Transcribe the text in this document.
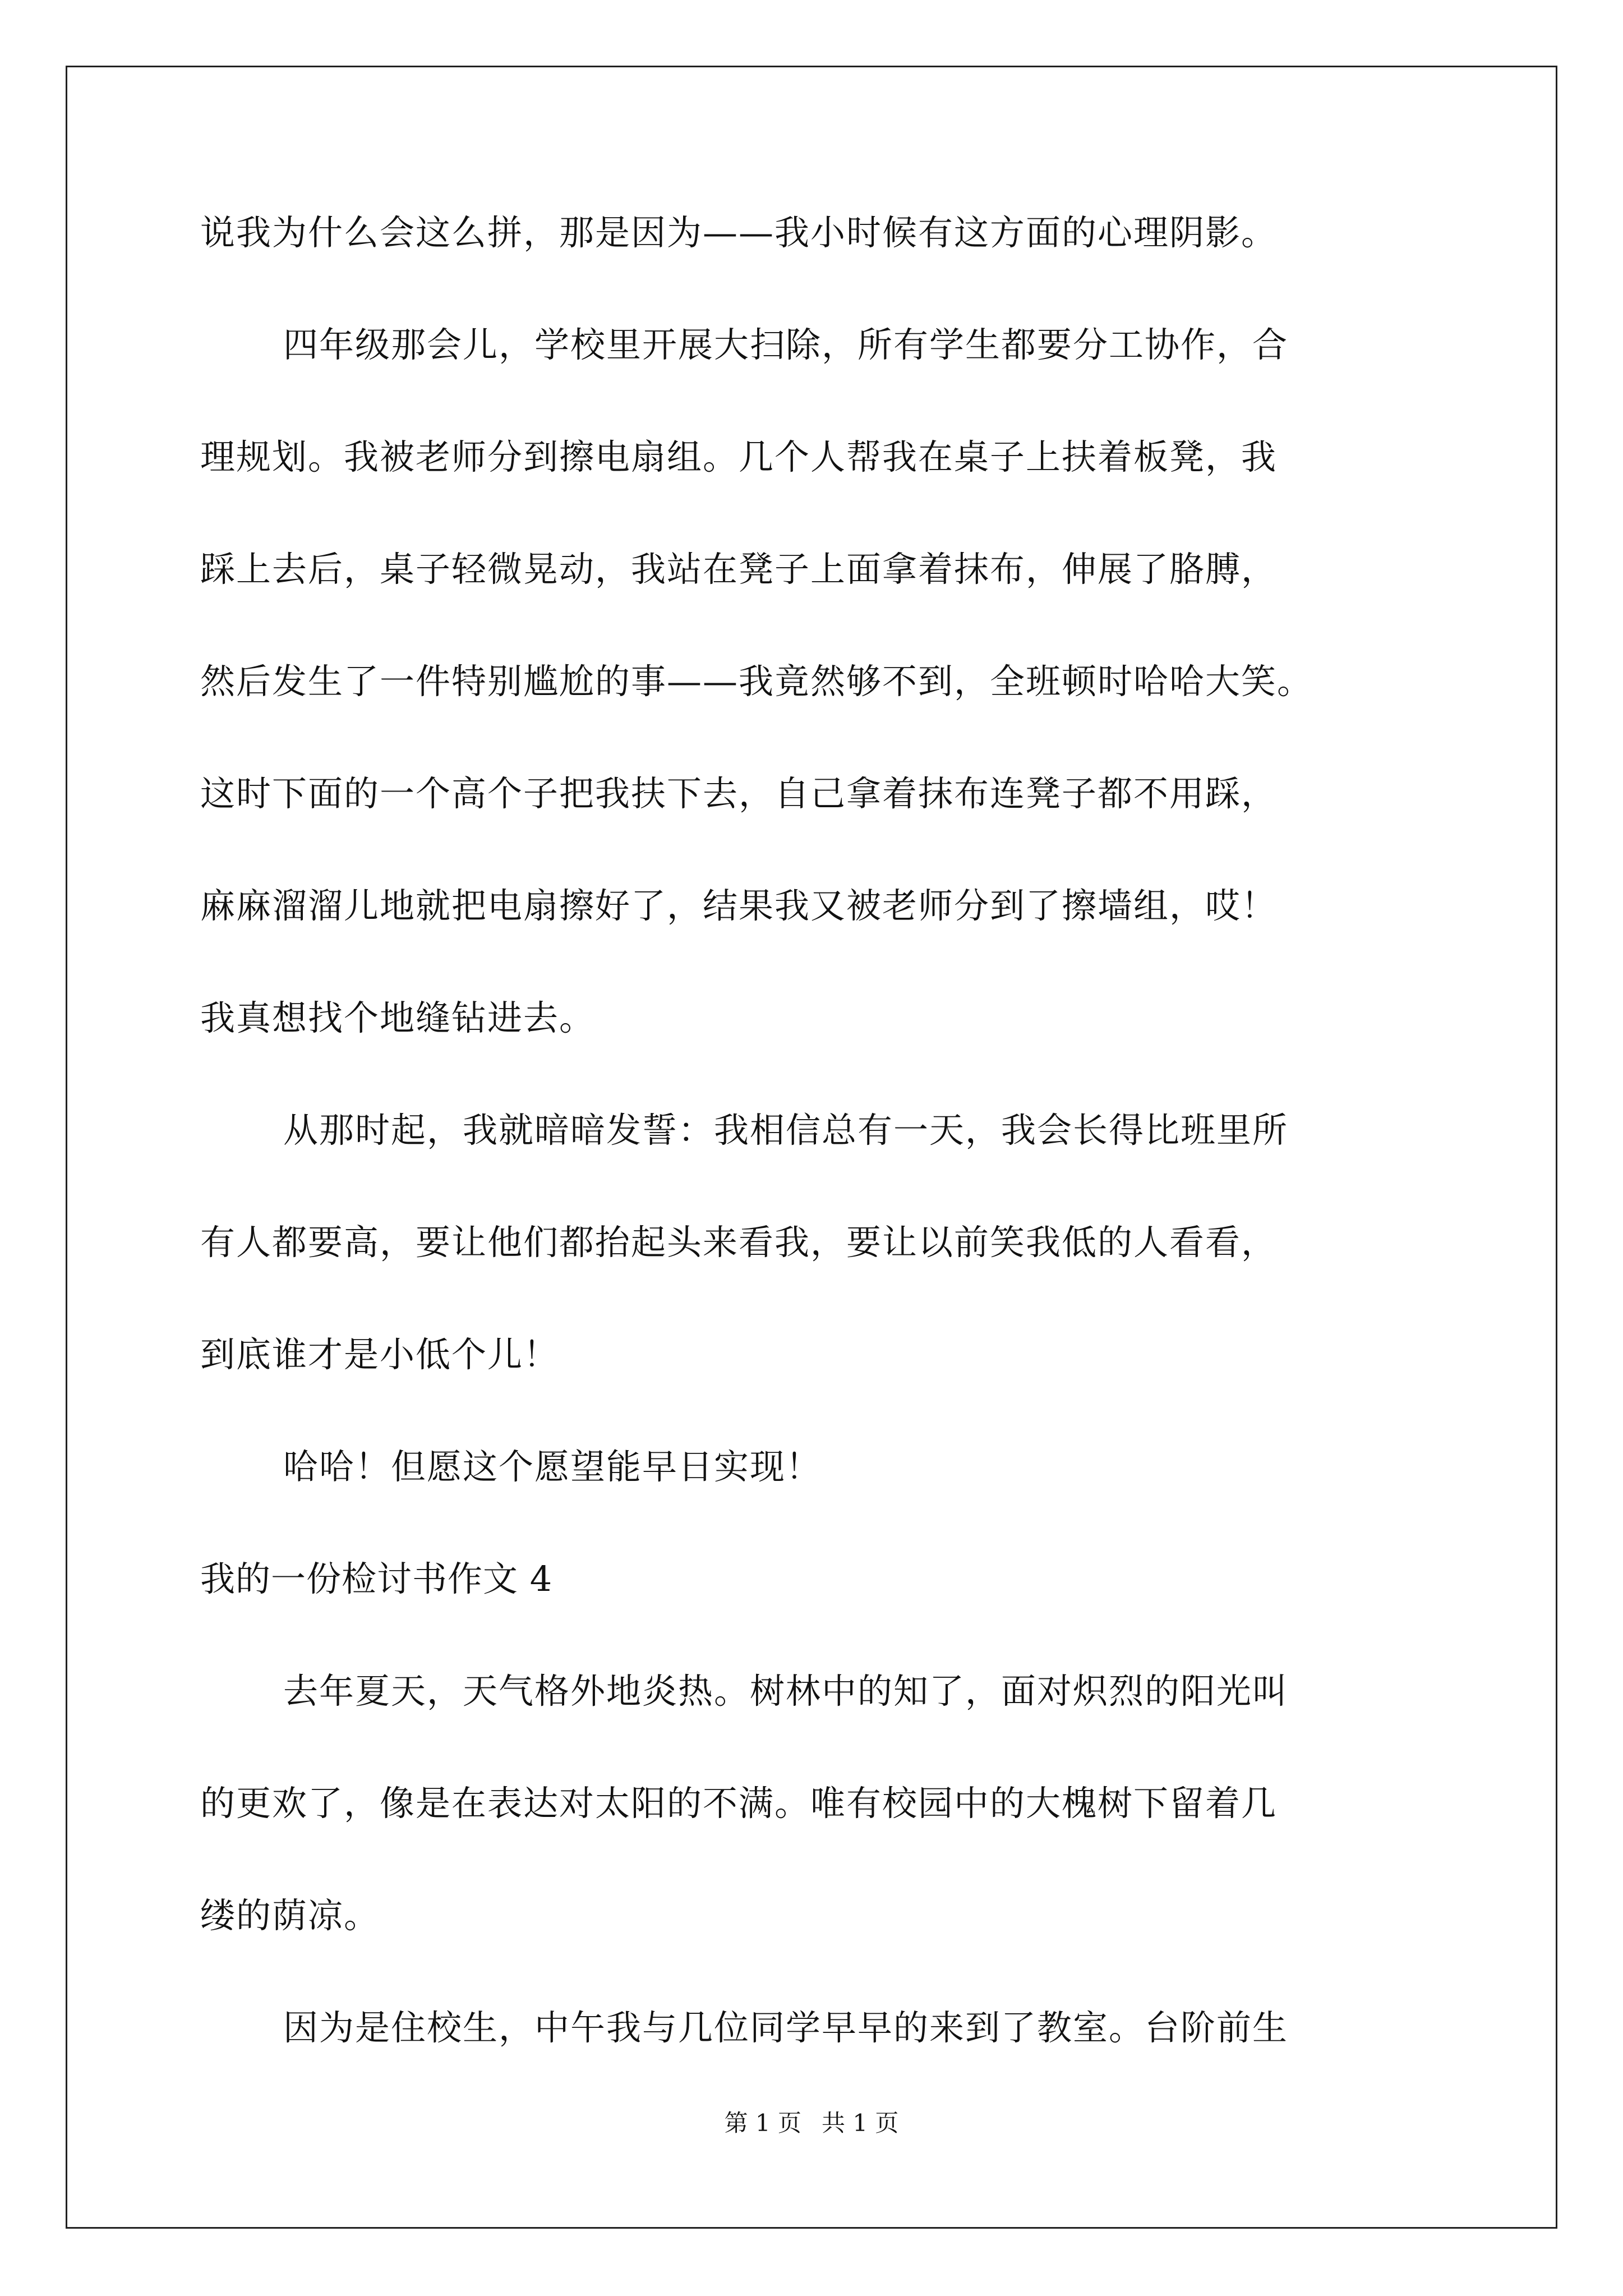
说我为什么会这么拼，那是因为——我小时候有这方面的心理阴影。
四年级那会儿，学校里开展大扫除，所有学生都要分工协作，合
理规划。我被老师分到擦电扇组。几个人帮我在桌子上扶着板凳，我
踩上去后，桌子轻微晃动，我站在凳子上面拿着抹布，伸展了胳膊，
然后发生了一件特别尴尬的事——我竟然够不到，全班顿时哈哈大笑。
这时下面的一个高个子把我扶下去，自己拿着抹布连凳子都不用踩，
麻麻溜溜儿地就把电扇擦好了，结果我又被老师分到了擦墙组，哎！
我真想找个地缝钻进去。
从那时起，我就暗暗发誓：我相信总有一天，我会长得比班里所
有人都要高，要让他们都抬起头来看我，要让以前笑我低的人看看，
到底谁才是小低个儿！
哈哈！但愿这个愿望能早日实现！
我的一份检讨书作文 4
去年夏天，天气格外地炎热。树林中的知了，面对炽烈的阳光叫
的更欢了，像是在表达对太阳的不满。唯有校园中的大槐树下留着几
缕的荫凉。
因为是住校生，中午我与几位同学早早的来到了教室。台阶前生
第 1 页 共 1 页
